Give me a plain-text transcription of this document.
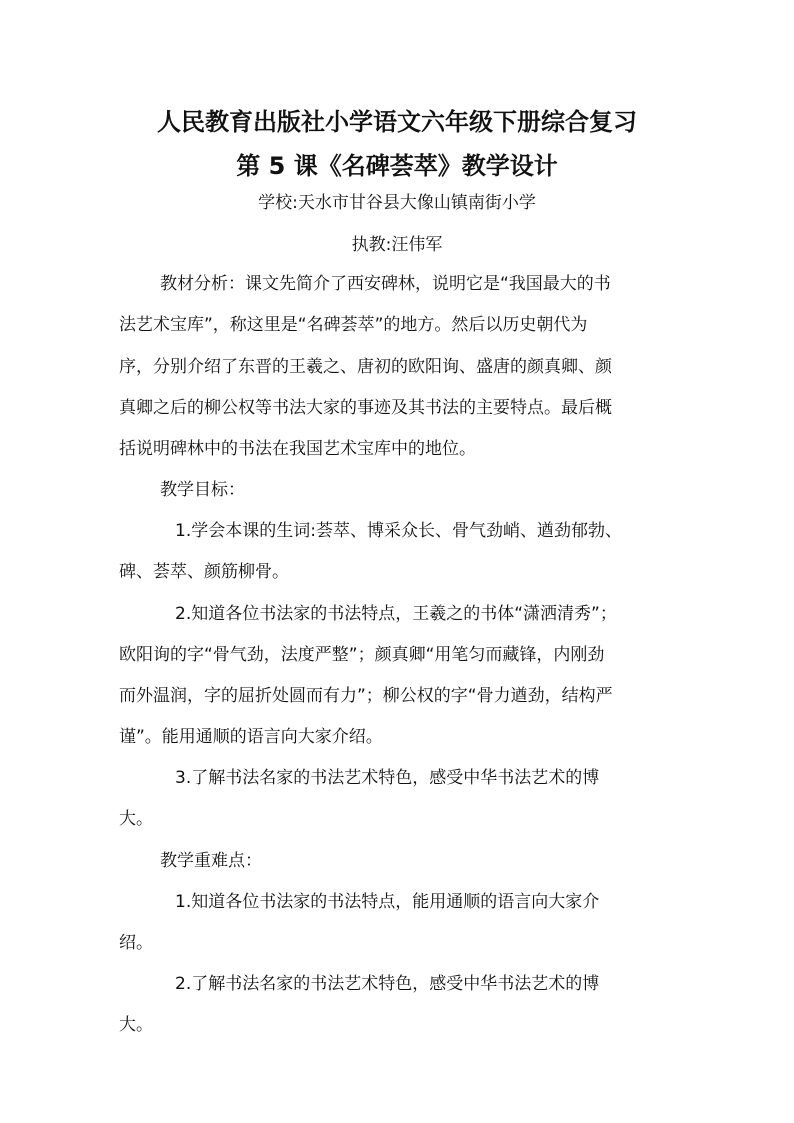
人民教育出版社小学语文六年级下册综合复习
第 5 课《名碑荟萃》教学设计
学校:天水市甘谷县大像山镇南街小学
执教:汪伟军
教材分析：课文先简介了西安碑林，说明它是“我国最大的书
法艺术宝库”，称这里是“名碑荟萃”的地方。然后以历史朝代为
序，分别介绍了东晋的王羲之、唐初的欧阳询、盛唐的颜真卿、颜
真卿之后的柳公权等书法大家的事迹及其书法的主要特点。最后概
括说明碑林中的书法在我国艺术宝库中的地位。
教学目标：
1.学会本课的生词:荟萃、博采众长、骨气劲峭、遒劲郁勃、
碑、荟萃、颜筋柳骨。
2.知道各位书法家的书法特点，王羲之的书体“潇洒清秀”；
欧阳询的字“骨气劲，法度严整”；颜真卿“用笔匀而藏锋，内刚劲
而外温润，字的屈折处圆而有力”；柳公权的字“骨力遒劲，结构严
谨”。能用通顺的语言向大家介绍。
3.了解书法名家的书法艺术特色，感受中华书法艺术的博
大。
教学重难点：
1.知道各位书法家的书法特点，能用通顺的语言向大家介
绍。
2.了解书法名家的书法艺术特色，感受中华书法艺术的博
大。
